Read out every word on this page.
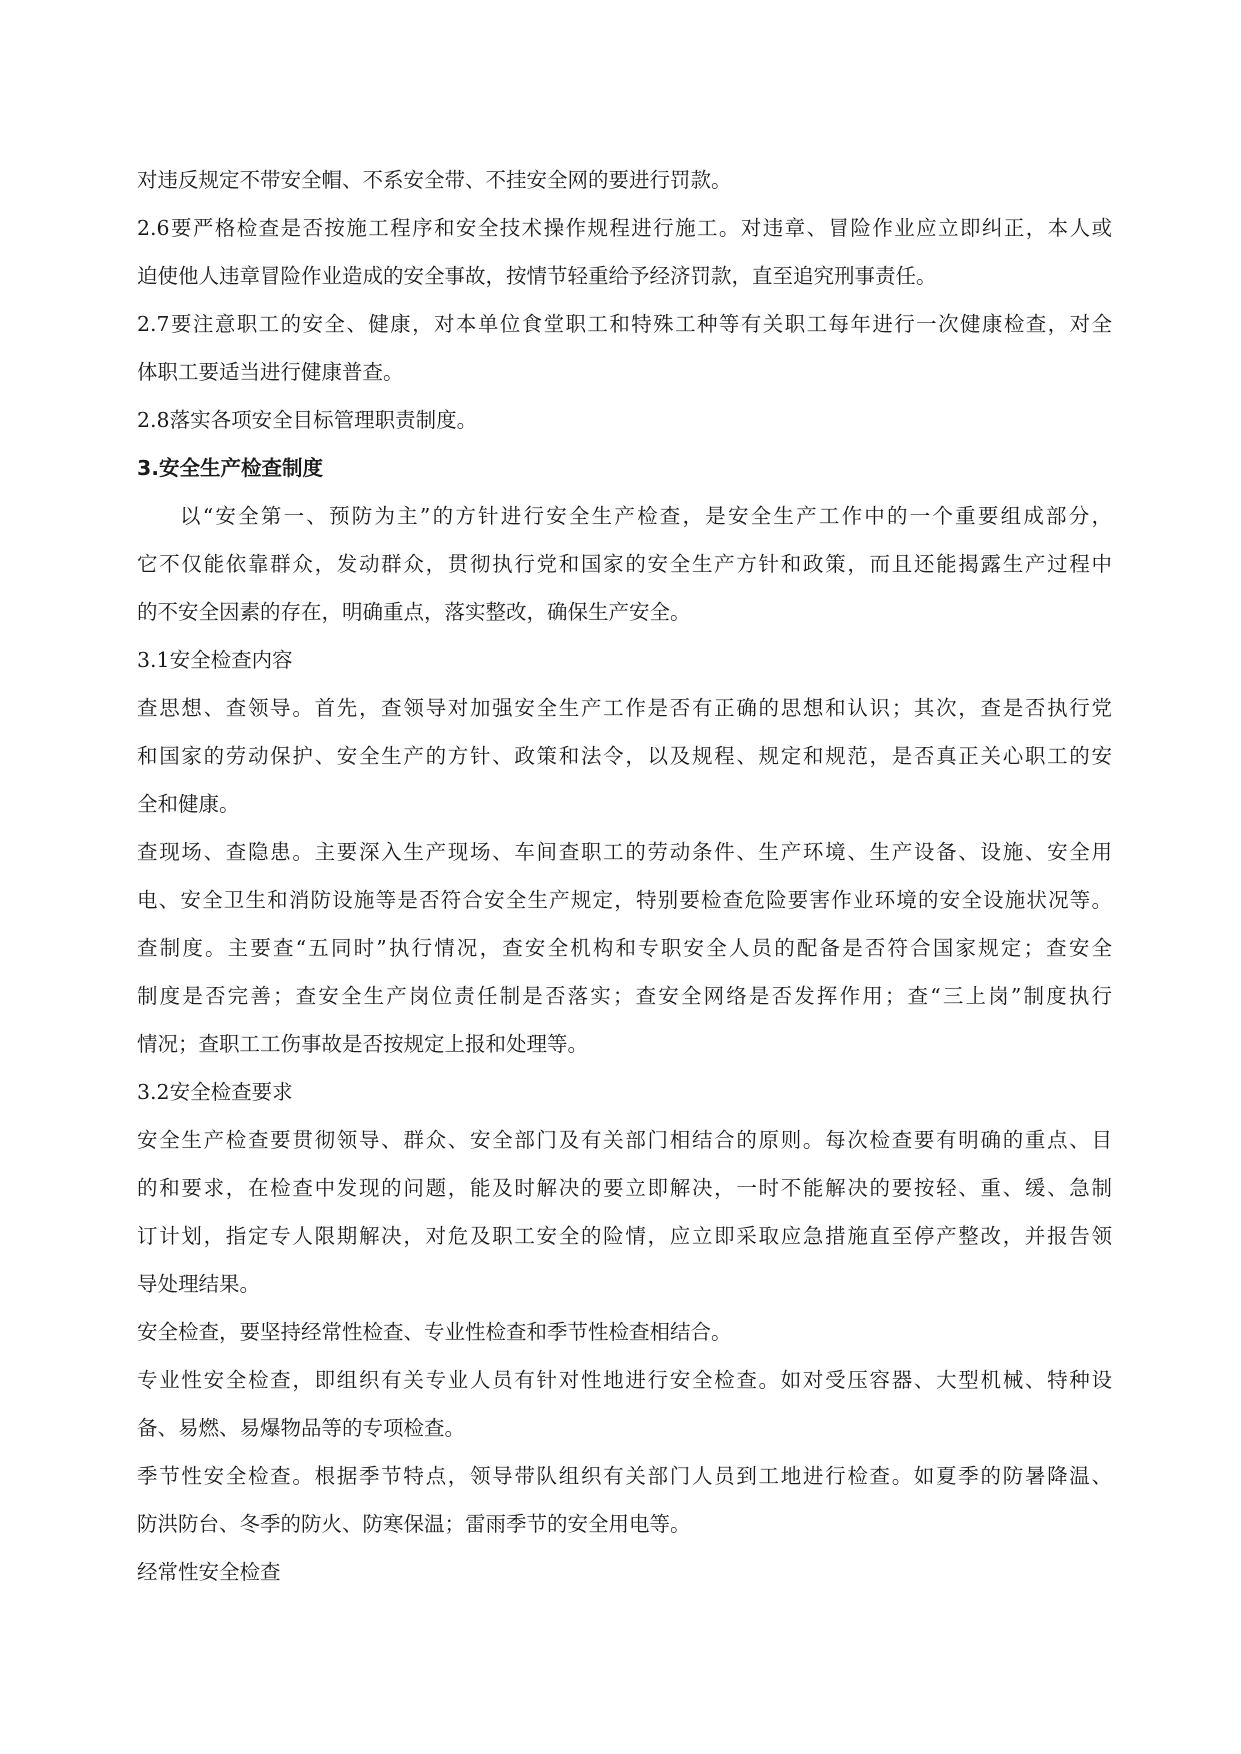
对违反规定不带安全帽、不系安全带、不挂安全网的要进行罚款。
2.6要严格检查是否按施工程序和安全技术操作规程进行施工。对违章、冒险作业应立即纠正，本人或
迫使他人违章冒险作业造成的安全事故，按情节轻重给予经济罚款，直至追究刑事责任。
2.7要注意职工的安全、健康，对本单位食堂职工和特殊工种等有关职工每年进行一次健康检查，对全
体职工要适当进行健康普查。
2.8落实各项安全目标管理职责制度。
3.安全生产检查制度
以“安全第一、预防为主”的方针进行安全生产检查，是安全生产工作中的一个重要组成部分，
它不仅能依靠群众，发动群众，贯彻执行党和国家的安全生产方针和政策，而且还能揭露生产过程中
的不安全因素的存在，明确重点，落实整改，确保生产安全。
3.1安全检查内容
查思想、查领导。首先，查领导对加强安全生产工作是否有正确的思想和认识；其次，查是否执行党
和国家的劳动保护、安全生产的方针、政策和法令，以及规程、规定和规范，是否真正关心职工的安
全和健康。
查现场、查隐患。主要深入生产现场、车间查职工的劳动条件、生产环境、生产设备、设施、安全用
电、安全卫生和消防设施等是否符合安全生产规定，特别要检查危险要害作业环境的安全设施状况等。
查制度。主要查“五同时”执行情况，查安全机构和专职安全人员的配备是否符合国家规定；查安全
制度是否完善；查安全生产岗位责任制是否落实；查安全网络是否发挥作用；查“三上岗”制度执行
情况；查职工工伤事故是否按规定上报和处理等。
3.2安全检查要求
安全生产检查要贯彻领导、群众、安全部门及有关部门相结合的原则。每次检查要有明确的重点、目
的和要求，在检查中发现的问题，能及时解决的要立即解决，一时不能解决的要按轻、重、缓、急制
订计划，指定专人限期解决，对危及职工安全的险情，应立即采取应急措施直至停产整改，并报告领
导处理结果。
安全检查，要坚持经常性检查、专业性检查和季节性检查相结合。
专业性安全检查，即组织有关专业人员有针对性地进行安全检查。如对受压容器、大型机械、特种设
备、易燃、易爆物品等的专项检查。
季节性安全检查。根据季节特点，领导带队组织有关部门人员到工地进行检查。如夏季的防暑降温、
防洪防台、冬季的防火、防寒保温；雷雨季节的安全用电等。
经常性安全检查
